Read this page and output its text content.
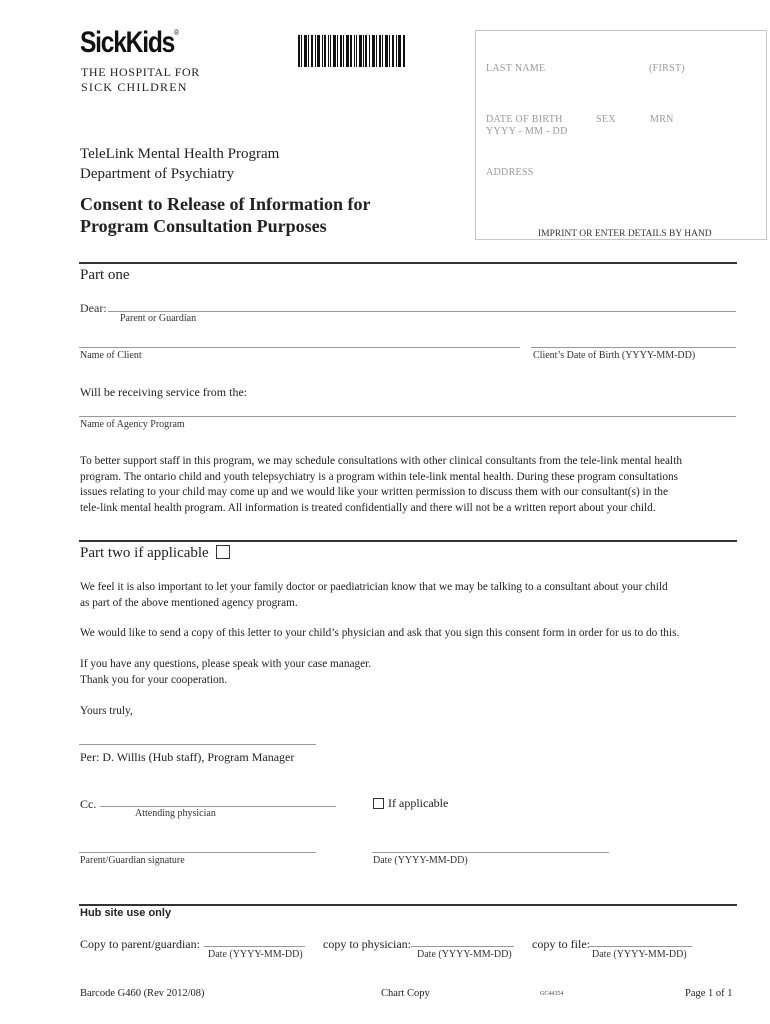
SickKids®
THE HOSPITAL FOR
SICK CHILDREN
TeleLink Mental Health Program
Department of Psychiatry
Consent to Release of Information for
Program Consultation Purposes
LAST NAME	(FIRST)
DATE OF BIRTH
YYYY - MM - DD
SEX	MRN
ADDRESS
IMPRINT OR ENTER DETAILS BY HAND
Part one
Dear:
Parent or Guardian
Name of Client	Client’s Date of Birth (YYYY-MM-DD)
Will be receiving service from the:
Name of Agency Program
To better support staff in this program, we may schedule consultations with other clinical consultants from the tele-link mental health
program. The ontario child and youth telepsychiatry is a program within tele-link mental health. During these program consultations
issues relating to your child may come up and we would like your written permission to discuss them with our consultant(s) in the
tele-link mental health program. All information is treated confidentially and there will not be a written report about your child.
Part two if applicable
We feel it is also important to let your family doctor or paediatrician know that we may be talking to a consultant about your child
as part of the above mentioned agency program.
We would like to send a copy of this letter to your child’s physician and ask that you sign this consent form in order for us to do this.
If you have any questions, please speak with your case manager.
Thank you for your cooperation.
Yours truly,
Per: D. Willis (Hub staff), Program Manager
Cc.
Attending physician
If applicable
Parent/Guardian signature	Date (YYYY-MM-DD)
Hub site use only
Copy to parent/guardian:
Date (YYYY-MM-DD)
copy to physician:
Date (YYYY-MM-DD)
copy to file:
Date (YYYY-MM-DD)
Barcode G460 (Rev 2012/08)	Chart Copy	GC44354	Page 1 of 1
